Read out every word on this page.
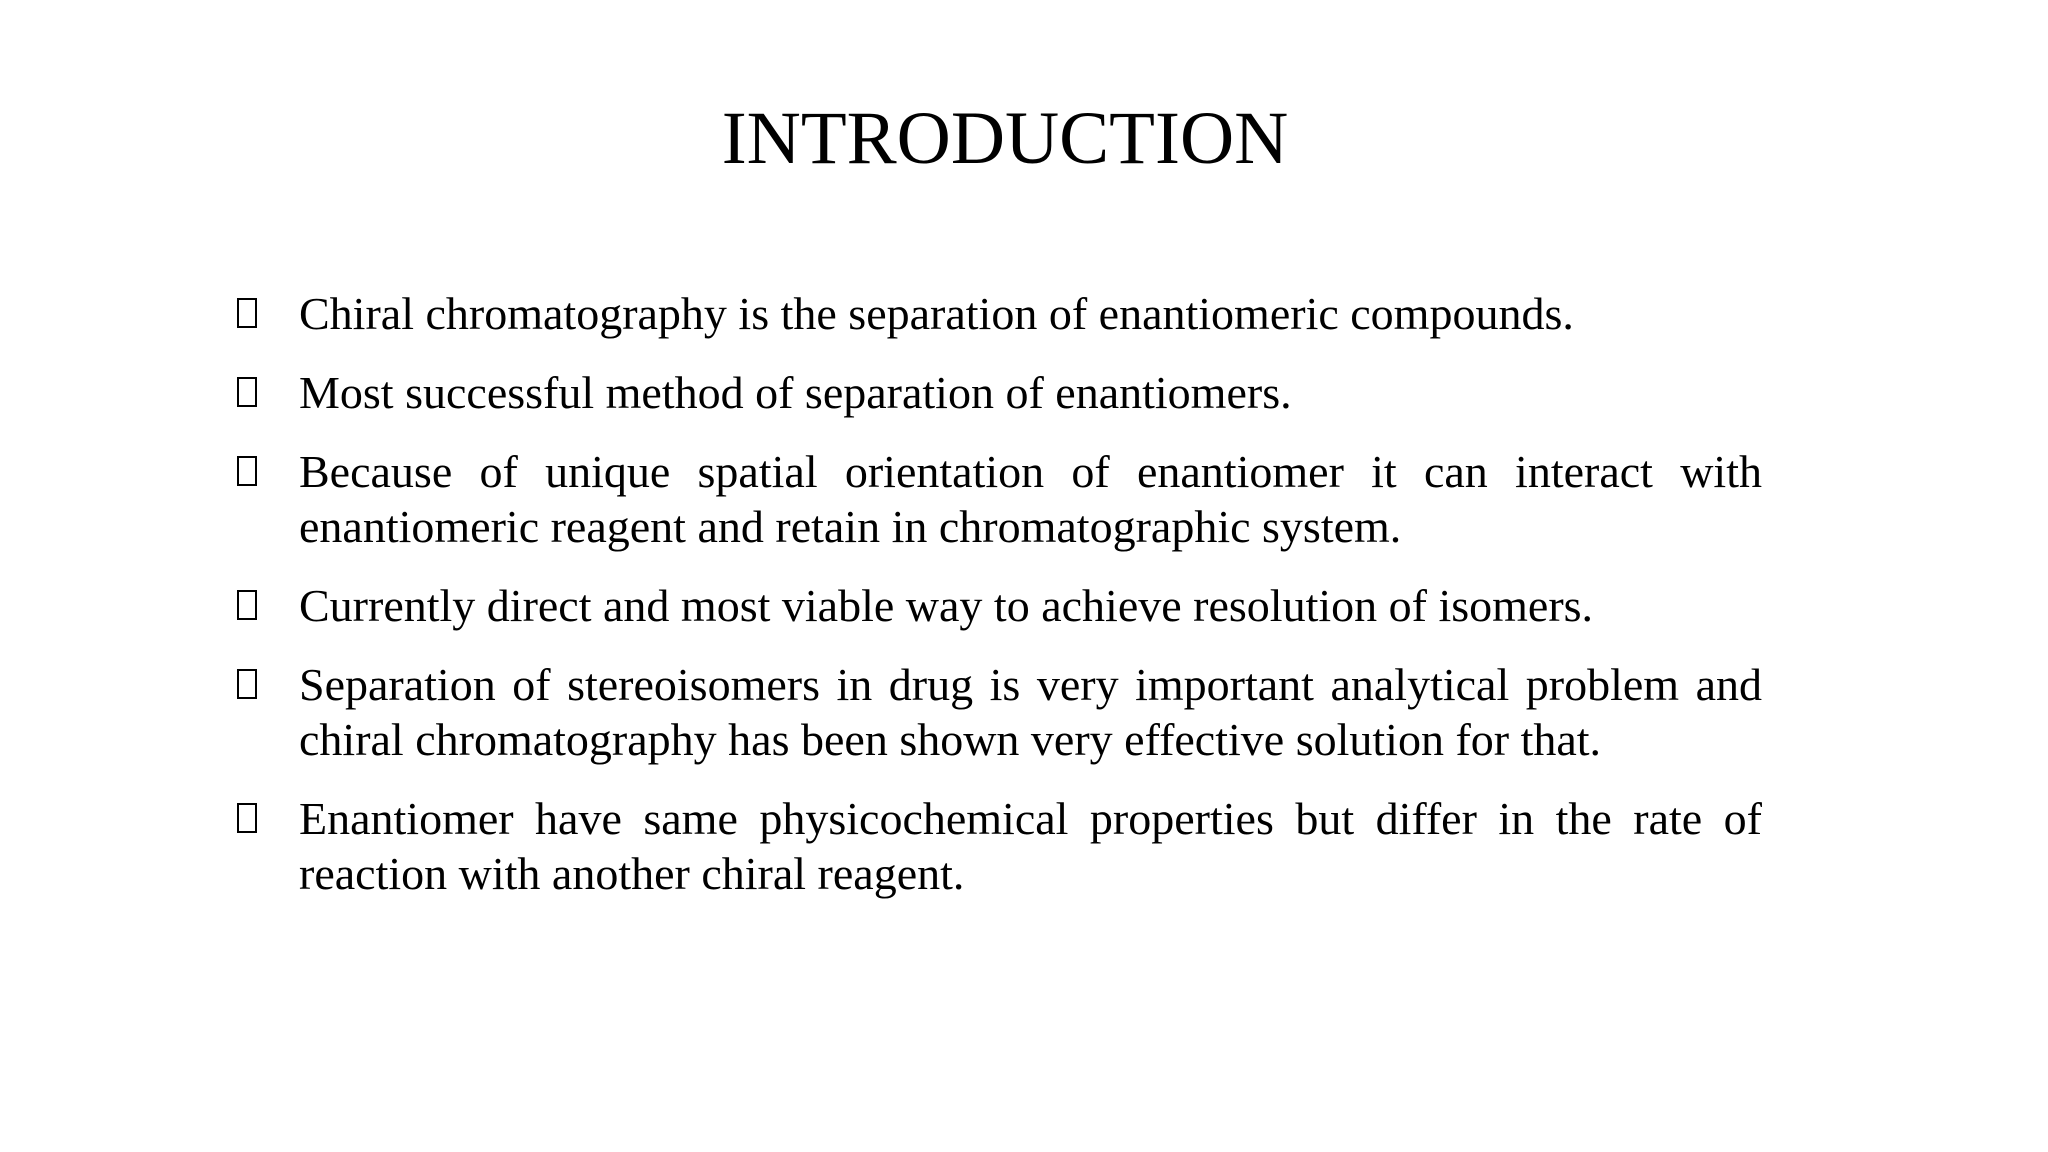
INTRODUCTION
Chiral chromatography is the separation of enantiomeric compounds.
Most successful method of separation of enantiomers.
Because of unique spatial orientation of enantiomer it can interact with enantiomeric reagent and retain in chromatographic system.
Currently direct and most viable way to achieve resolution of isomers.
Separation of stereoisomers in drug is very important analytical problem and chiral chromatography has been shown very effective solution for that.
Enantiomer have same physicochemical properties but differ in the rate of reaction with another chiral reagent.
